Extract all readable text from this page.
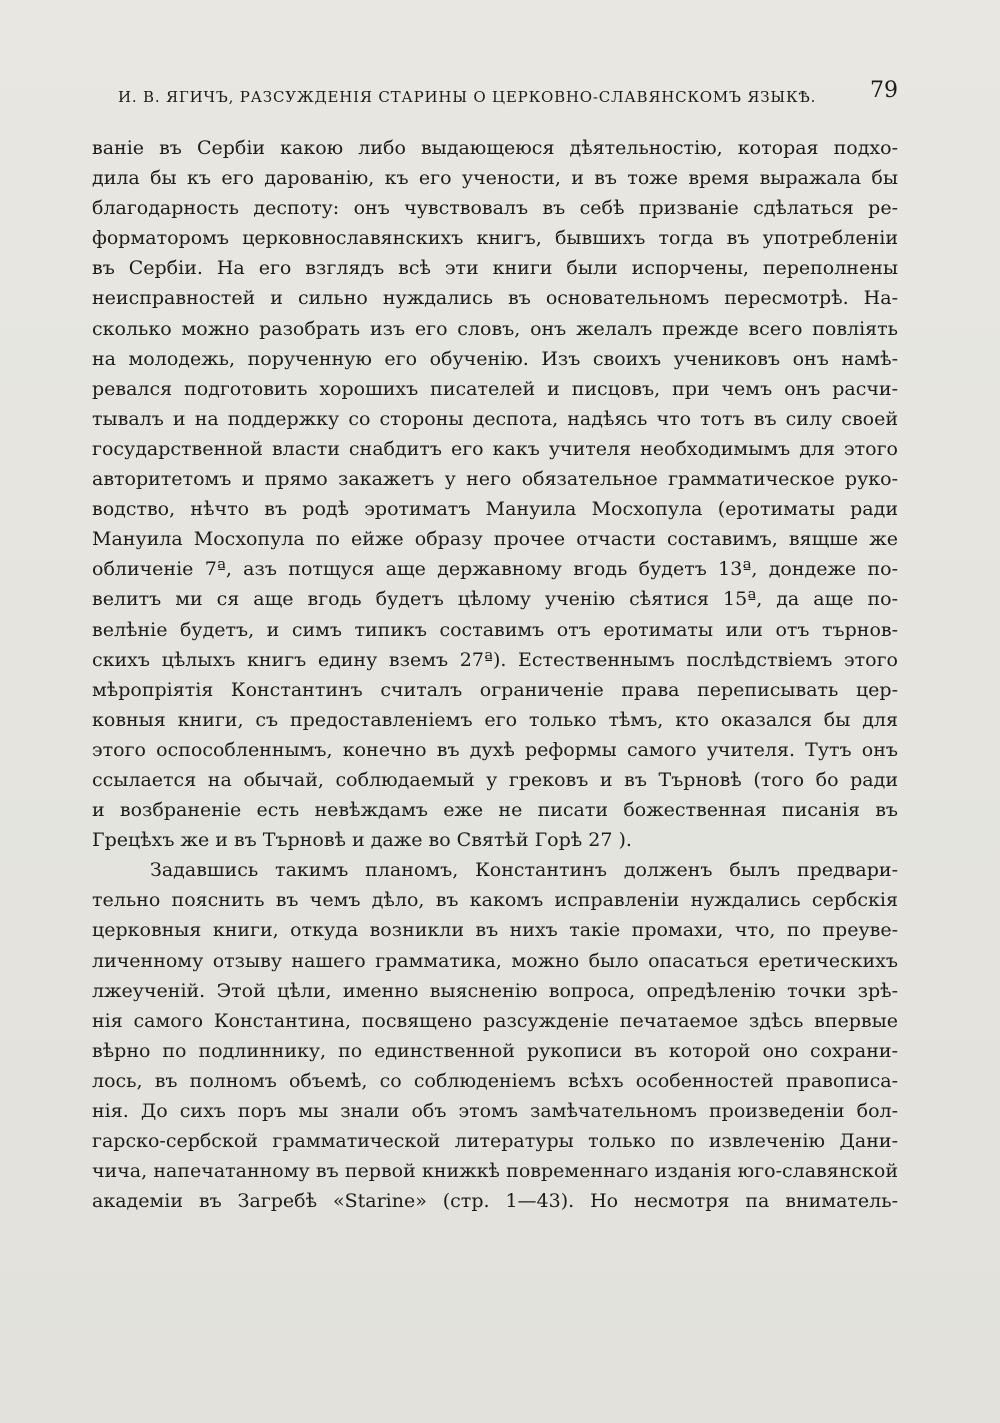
И. В. ЯГИЧЪ, РАЗСУЖДЕНІЯ СТАРИНЫ О ЦЕРКОВНО-СЛАВЯНСКОМЪ ЯЗЫКѢ. 79
ваніе въ Сербіи какою либо выдающеюся дѣятельностію, которая подхо-
дила бы къ его дарованію, къ его учености, и въ тоже время выражала бы
благодарность деспоту: онъ чувствовалъ въ себѣ призваніе сдѣлаться ре-
форматоромъ церковнославянскихъ книгъ, бывшихъ тогда въ употребленіи
въ Сербіи. На его взглядъ всѣ эти книги были испорчены, переполнены
неисправностей и сильно нуждались въ основательномъ пересмотрѣ. На-
сколько можно разобрать изъ его словъ, онъ желалъ прежде всего повліять
на молодежь, порученную его обученію. Изъ своихъ учениковъ онъ намѣ-
ревался подготовить хорошихъ писателей и писцовъ, при чемъ онъ расчи-
тывалъ и на поддержку со стороны деспота, надѣясь что тотъ въ силу своей
государственной власти снабдитъ его какъ учителя необходимымъ для этого
авторитетомъ и прямо закажетъ у него обязательное грамматическое руко-
водство, нѣчто въ родѣ эротиматъ Мануила Мосхопула (еротиматы ради
Мануила Мосхопула по ейже образу прочее отчасти составимъ, вящше же
обличеніе 7ª, азъ потщуся аще державному вгодь будетъ 13ª, дондеже по-
велитъ ми ся аще вгодь будетъ цѣлому ученію сѣятися 15ª, да аще по-
велѣніе будетъ, и симъ типикъ составимъ отъ еротиматы или отъ търнов-
скихъ цѣлыхъ книгъ едину вземъ 27ª). Естественнымъ послѣдствіемъ этого
мѣропріятія Константинъ считалъ ограниченіе права переписывать цер-
ковныя книги, съ предоставленіемъ его только тѣмъ, кто оказался бы для
этого оспособленнымъ, конечно въ духѣ реформы самого учителя. Тутъ онъ
ссылается на обычай, соблюдаемый у грековъ и въ Търновѣ (того бо ради
и возбраненіе есть невѣждамъ еже не писати божественная писанія въ
Грецѣхъ же и въ Търновѣ и даже во Святѣй Горѣ 27 ).
Задавшись такимъ планомъ, Константинъ долженъ былъ предвари-
тельно пояснить въ чемъ дѣло, въ какомъ исправленіи нуждались сербскія
церковныя книги, откуда возникли въ нихъ такіе промахи, что, по преуве-
личенному отзыву нашего грамматика, можно было опасаться еретическихъ
лжеученій. Этой цѣли, именно выясненію вопроса, опредѣленію точки зрѣ-
нія самого Константина, посвящено разсужденіе печатаемое здѣсь впервые
вѣрно по подлиннику, по единственной рукописи въ которой оно сохрани-
лось, въ полномъ объемѣ, со соблюденіемъ всѣхъ особенностей правописа-
нія. До сихъ поръ мы знали объ этомъ замѣчательномъ произведеніи бол-
гарско-сербской грамматической литературы только по извлеченію Дани-
чича, напечатанному въ первой книжкѣ повременнаго изданія юго-славянской
академіи въ Загребѣ «Starine» (стр. 1—43). Но несмотря па вниматель-
